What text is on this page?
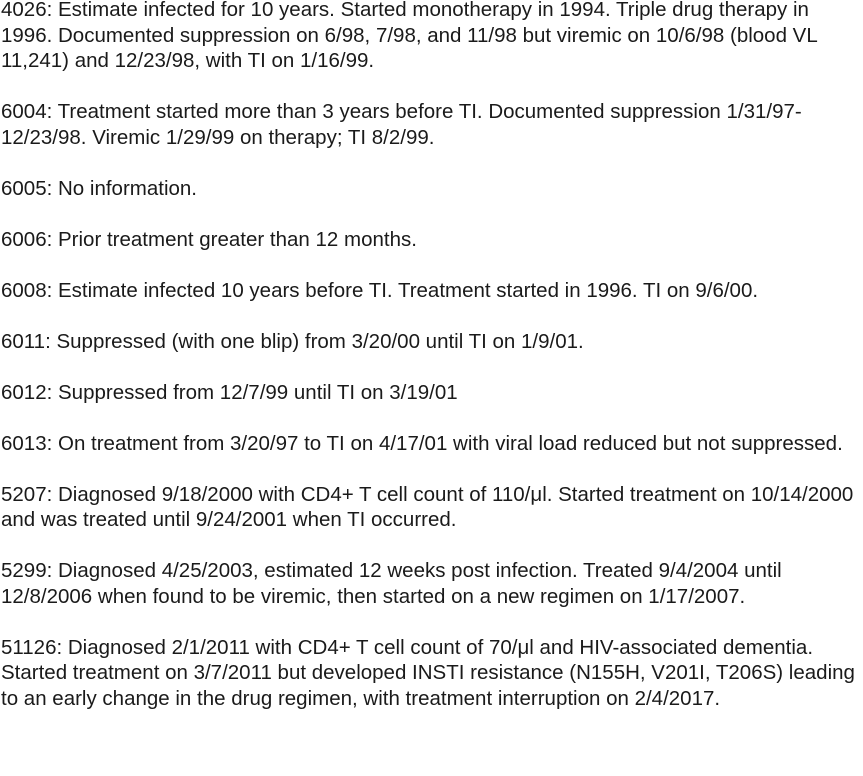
4026: Estimate infected for 10 years. Started monotherapy in 1994. Triple drug therapy in 1996. Documented suppression on 6/98, 7/98, and 11/98 but viremic on 10/6/98 (blood VL 11,241) and 12/23/98, with TI on 1/16/99.

6004: Treatment started more than 3 years before TI. Documented suppression 1/31/97-12/23/98. Viremic 1/29/99 on therapy; TI 8/2/99.

6005: No information.

6006: Prior treatment greater than 12 months.

6008: Estimate infected 10 years before TI. Treatment started in 1996. TI on 9/6/00.

6011: Suppressed (with one blip) from 3/20/00 until TI on 1/9/01.

6012: Suppressed from 12/7/99 until TI on 3/19/01

6013: On treatment from 3/20/97 to TI on 4/17/01 with viral load reduced but not suppressed.

5207: Diagnosed 9/18/2000 with CD4+ T cell count of 110/μl. Started treatment on 10/14/2000 and was treated until 9/24/2001 when TI occurred.

5299: Diagnosed 4/25/2003, estimated 12 weeks post infection. Treated 9/4/2004 until 12/8/2006 when found to be viremic, then started on a new regimen on 1/17/2007.

51126: Diagnosed 2/1/2011 with CD4+ T cell count of 70/μl and HIV-associated dementia. Started treatment on 3/7/2011 but developed INSTI resistance (N155H, V201I, T206S) leading to an early change in the drug regimen, with treatment interruption on 2/4/2017.
